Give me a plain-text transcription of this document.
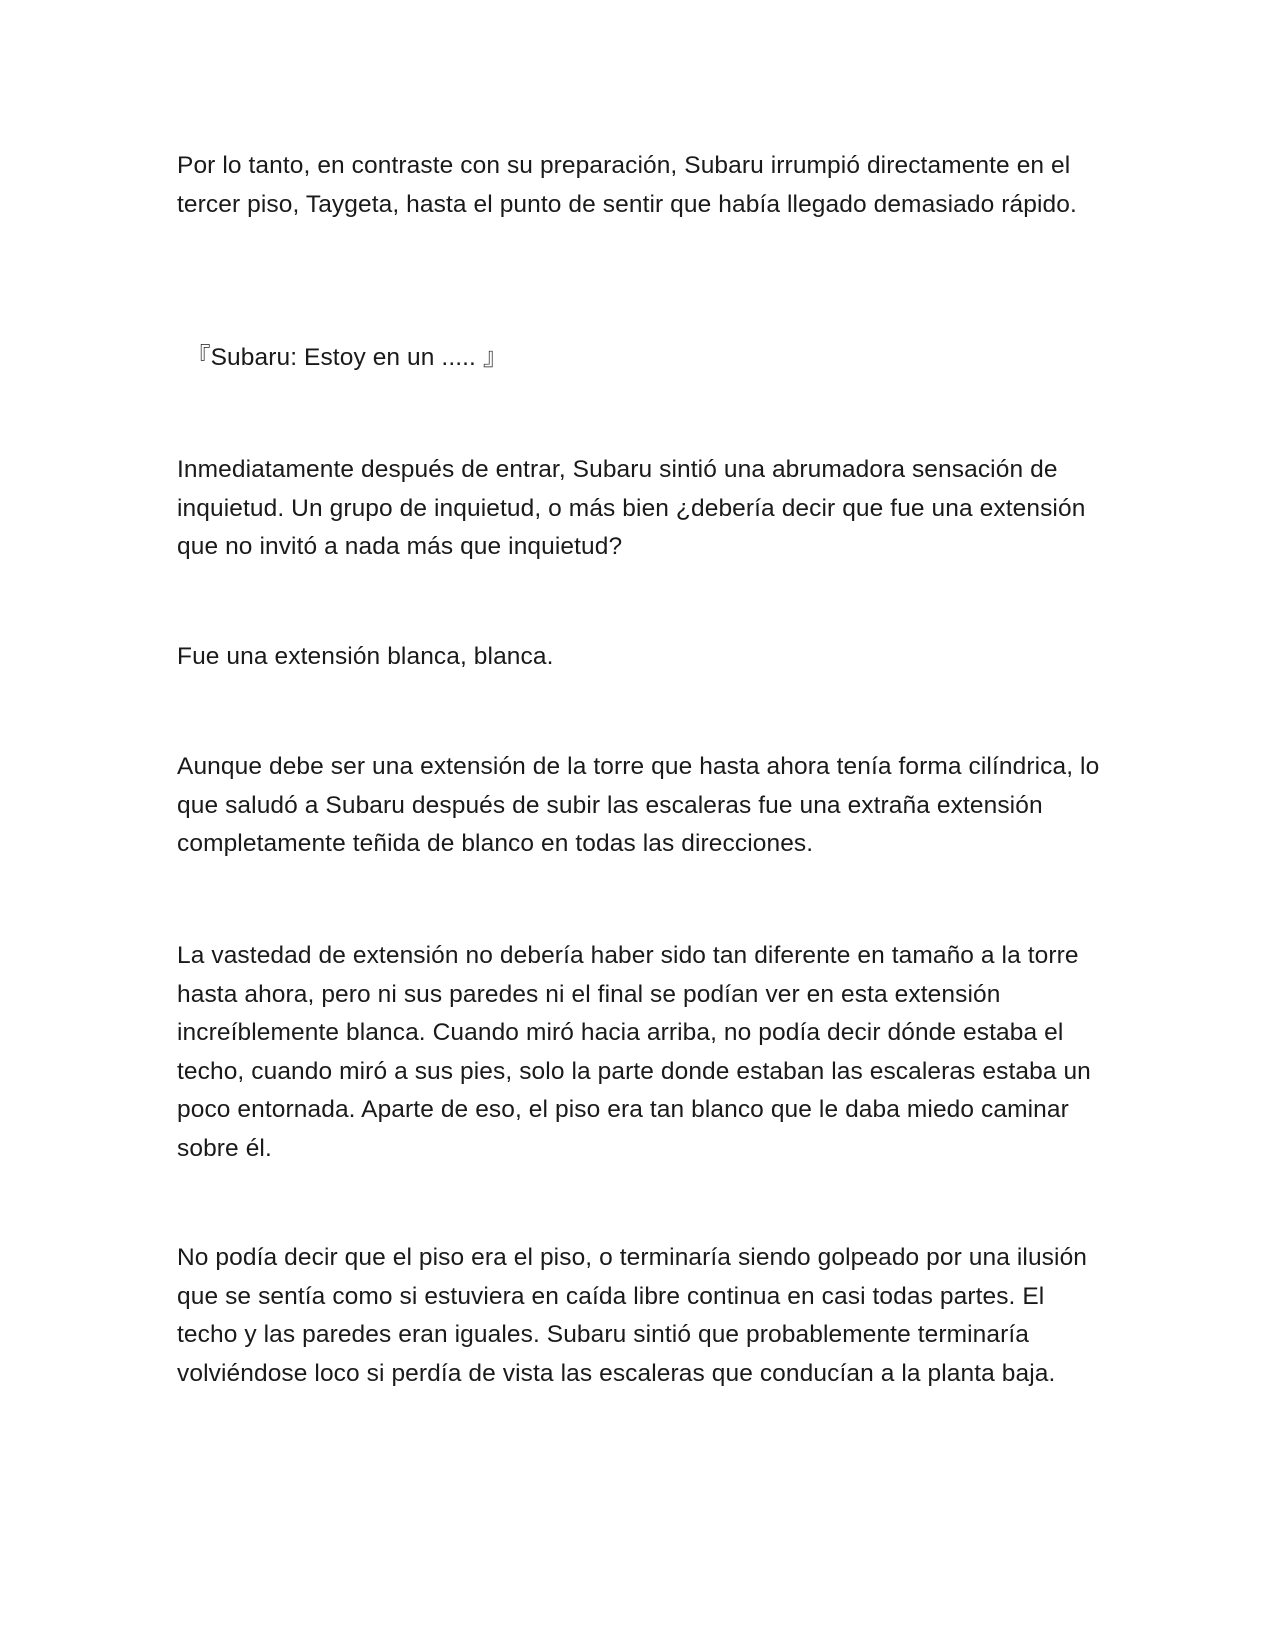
Por lo tanto, en contraste con su preparación, Subaru irrumpió directamente en el tercer piso, Taygeta, hasta el punto de sentir que había llegado demasiado rápido.

『Subaru: Estoy en un ..... 』

Inmediatamente después de entrar, Subaru sintió una abrumadora sensación de inquietud. Un grupo de inquietud, o más bien ¿debería decir que fue una extensión que no invitó a nada más que inquietud?

Fue una extensión blanca, blanca.

Aunque debe ser una extensión de la torre que hasta ahora tenía forma cilíndrica, lo que saludó a Subaru después de subir las escaleras fue una extraña extensión completamente teñida de blanco en todas las direcciones.

La vastedad de extensión no debería haber sido tan diferente en tamaño a la torre hasta ahora, pero ni sus paredes ni el final se podían ver en esta extensión increíblemente blanca. Cuando miró hacia arriba, no podía decir dónde estaba el techo, cuando miró a sus pies, solo la parte donde estaban las escaleras estaba un poco entornada. Aparte de eso, el piso era tan blanco que le daba miedo caminar sobre él.

No podía decir que el piso era el piso, o terminaría siendo golpeado por una ilusión que se sentía como si estuviera en caída libre continua en casi todas partes. El techo y las paredes eran iguales. Subaru sintió que probablemente terminaría volviéndose loco si perdía de vista las escaleras que conducían a la planta baja.
